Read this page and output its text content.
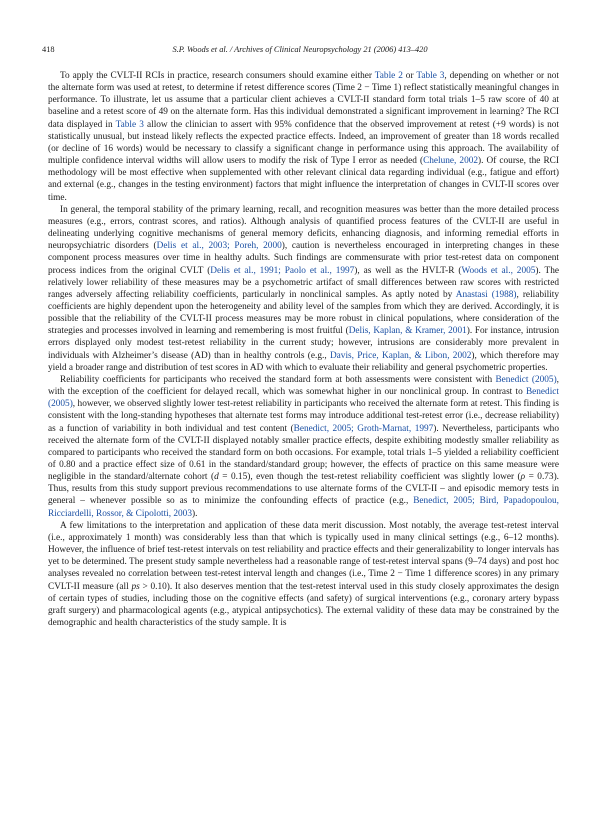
418	S.P. Woods et al. / Archives of Clinical Neuropsychology 21 (2006) 413–420

To apply the CVLT-II RCIs in practice, research consumers should examine either Table 2 or Table 3, depending on whether or not the alternate form was used at retest, to determine if retest difference scores (Time 2 − Time 1) reflect statistically meaningful changes in performance. To illustrate, let us assume that a particular client achieves a CVLT-II standard form total trials 1–5 raw score of 40 at baseline and a retest score of 49 on the alternate form. Has this individual demonstrated a significant improvement in learning? The RCI data displayed in Table 3 allow the clinician to assert with 95% confidence that the observed improvement at retest (+9 words) is not statistically unusual, but instead likely reflects the expected practice effects. Indeed, an improvement of greater than 18 words recalled (or decline of 16 words) would be necessary to classify a significant change in performance using this approach. The availability of multiple confidence interval widths will allow users to modify the risk of Type I error as needed (Chelune, 2002). Of course, the RCI methodology will be most effective when supplemented with other relevant clinical data regarding individual (e.g., fatigue and effort) and external (e.g., changes in the testing environment) factors that might influence the interpretation of changes in CVLT-II scores over time.

In general, the temporal stability of the primary learning, recall, and recognition measures was better than the more detailed process measures (e.g., errors, contrast scores, and ratios). Although analysis of quantified process features of the CVLT-II are useful in delineating underlying cognitive mechanisms of general memory deficits, enhancing diagnosis, and informing remedial efforts in neuropsychiatric disorders (Delis et al., 2003; Poreh, 2000), caution is nevertheless encouraged in interpreting changes in these component process measures over time in healthy adults. Such findings are commensurate with prior test-retest data on component process indices from the original CVLT (Delis et al., 1991; Paolo et al., 1997), as well as the HVLT-R (Woods et al., 2005). The relatively lower reliability of these measures may be a psychometric artifact of small differences between raw scores with restricted ranges adversely affecting reliability coefficients, particularly in nonclinical samples. As aptly noted by Anastasi (1988), reliability coefficients are highly dependent upon the heterogeneity and ability level of the samples from which they are derived. Accordingly, it is possible that the reliability of the CVLT-II process measures may be more robust in clinical populations, where consideration of the strategies and processes involved in learning and remembering is most fruitful (Delis, Kaplan, & Kramer, 2001). For instance, intrusion errors displayed only modest test-retest reliability in the current study; however, intrusions are considerably more prevalent in individuals with Alzheimer’s disease (AD) than in healthy controls (e.g., Davis, Price, Kaplan, & Libon, 2002), which therefore may yield a broader range and distribution of test scores in AD with which to evaluate their reliability and general psychometric properties.

Reliability coefficients for participants who received the standard form at both assessments were consistent with Benedict (2005), with the exception of the coefficient for delayed recall, which was somewhat higher in our nonclinical group. In contrast to Benedict (2005), however, we observed slightly lower test-retest reliability in participants who received the alternate form at retest. This finding is consistent with the long-standing hypotheses that alternate test forms may introduce additional test-retest error (i.e., decrease reliability) as a function of variability in both individual and test content (Benedict, 2005; Groth-Marnat, 1997). Nevertheless, participants who received the alternate form of the CVLT-II displayed notably smaller practice effects, despite exhibiting modestly smaller reliability as compared to participants who received the standard form on both occasions. For example, total trials 1–5 yielded a reliability coefficient of 0.80 and a practice effect size of 0.61 in the standard/standard group; however, the effects of practice on this same measure were negligible in the standard/alternate cohort (d = 0.15), even though the test-retest reliability coefficient was slightly lower (ρ = 0.73). Thus, results from this study support previous recommendations to use alternate forms of the CVLT-II – and episodic memory tests in general – whenever possible so as to minimize the confounding effects of practice (e.g., Benedict, 2005; Bird, Papadopoulou, Ricciardelli, Rossor, & Cipolotti, 2003).

A few limitations to the interpretation and application of these data merit discussion. Most notably, the average test-retest interval (i.e., approximately 1 month) was considerably less than that which is typically used in many clinical settings (e.g., 6–12 months). However, the influence of brief test-retest intervals on test reliability and practice effects and their generalizability to longer intervals has yet to be determined. The present study sample nevertheless had a reasonable range of test-retest interval spans (9–74 days) and post hoc analyses revealed no correlation between test-retest interval length and changes (i.e., Time 2 − Time 1 difference scores) in any primary CVLT-II measure (all ps > 0.10). It also deserves mention that the test-retest interval used in this study closely approximates the design of certain types of studies, including those on the cognitive effects (and safety) of surgical interventions (e.g., coronary artery bypass graft surgery) and pharmacological agents (e.g., atypical antipsychotics). The external validity of these data may be constrained by the demographic and health characteristics of the study sample. It is
